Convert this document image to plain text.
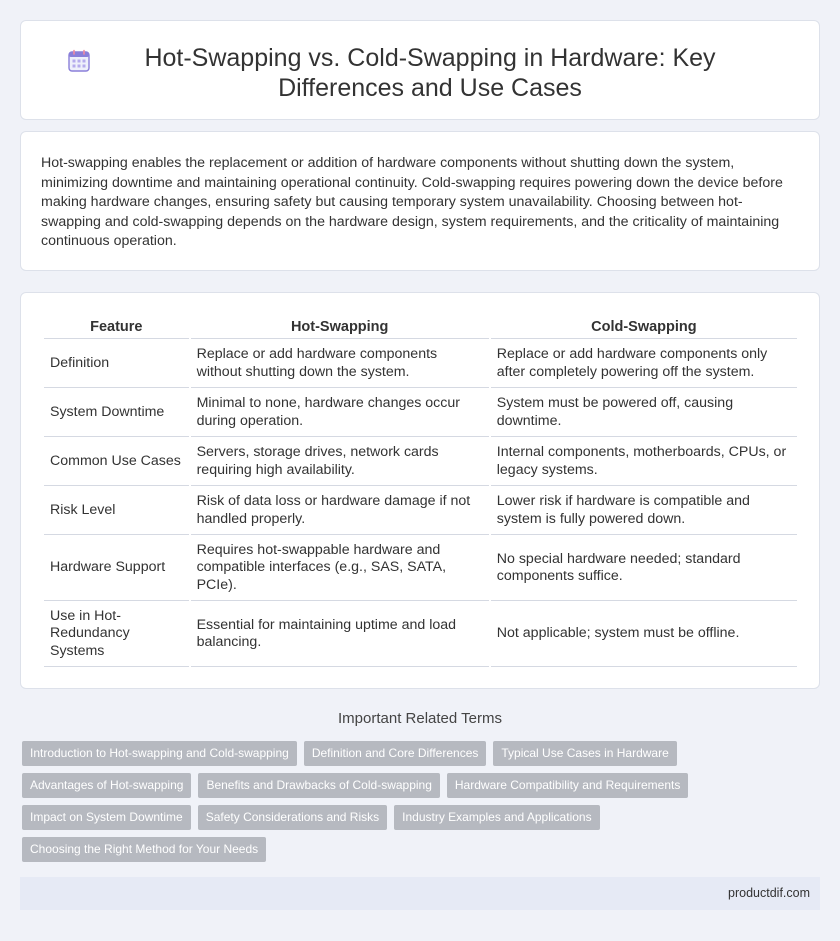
Hot-Swapping vs. Cold-Swapping in Hardware: Key Differences and Use Cases

Hot-swapping enables the replacement or addition of hardware components without shutting down the system, minimizing downtime and maintaining operational continuity. Cold-swapping requires powering down the device before making hardware changes, ensuring safety but causing temporary system unavailability. Choosing between hot-swapping and cold-swapping depends on the hardware design, system requirements, and the criticality of maintaining continuous operation.

Feature	Hot-Swapping	Cold-Swapping
Definition	Replace or add hardware components without shutting down the system.	Replace or add hardware components only after completely powering off the system.
System Downtime	Minimal to none, hardware changes occur during operation.	System must be powered off, causing downtime.
Common Use Cases	Servers, storage drives, network cards requiring high availability.	Internal components, motherboards, CPUs, or legacy systems.
Risk Level	Risk of data loss or hardware damage if not handled properly.	Lower risk if hardware is compatible and system is fully powered down.
Hardware Support	Requires hot-swappable hardware and compatible interfaces (e.g., SAS, SATA, PCIe).	No special hardware needed; standard components suffice.
Use in Hot-Redundancy Systems	Essential for maintaining uptime and load balancing.	Not applicable; system must be offline.
Important Related Terms
Introduction to Hot-swapping and Cold-swapping	Definition and Core Differences	Typical Use Cases in Hardware
Advantages of Hot-swapping	Benefits and Drawbacks of Cold-swapping	Hardware Compatibility and Requirements
Impact on System Downtime	Safety Considerations and Risks	Industry Examples and Applications
Choosing the Right Method for Your Needs
productdif.com
